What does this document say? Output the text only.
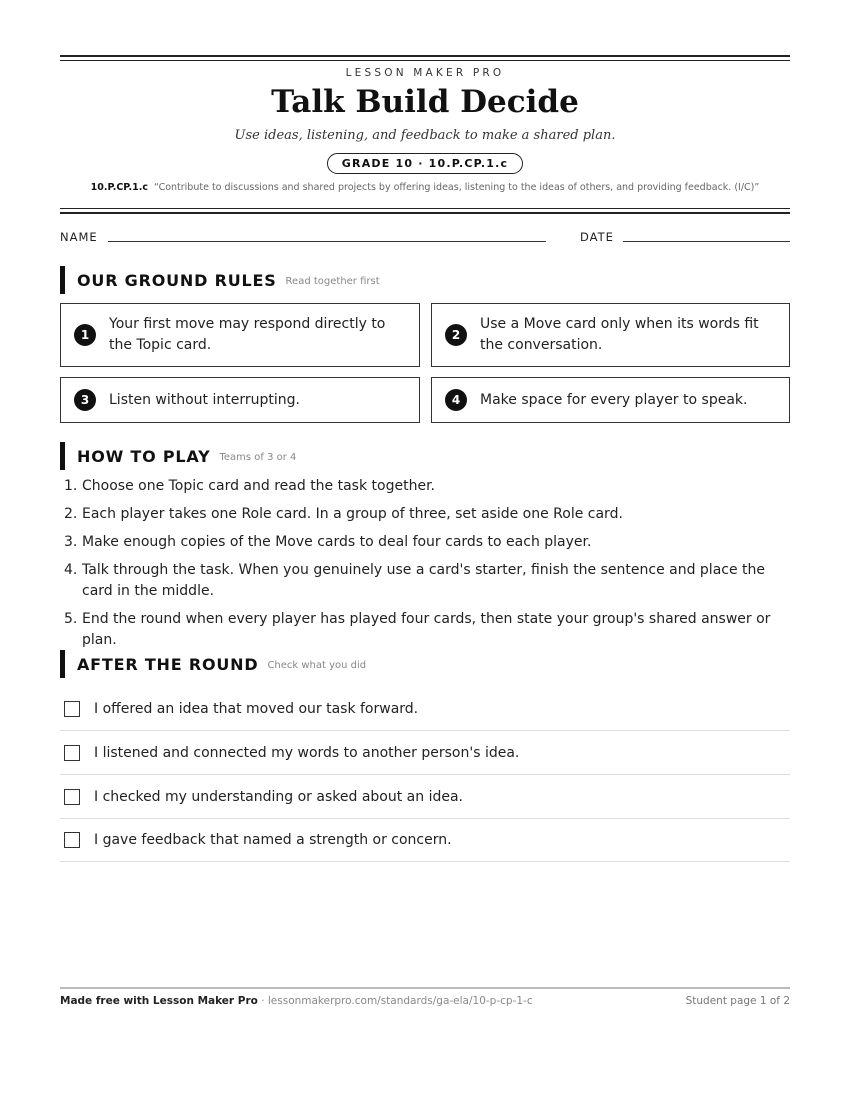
LESSON MAKER PRO
Talk Build Decide
Use ideas, listening, and feedback to make a shared plan.
GRADE 10 · 10.P.CP.1.c
10.P.CP.1.c “Contribute to discussions and shared projects by offering ideas, listening to the ideas of others, and providing feedback. (I/C)”
NAME	DATE
OUR GROUND RULES Read together first
1
Your first move may respond directly to the Topic card.
2
Use a Move card only when its words fit the conversation.
3	Listen without interrupting.	4	Make space for every player to speak.
HOW TO PLAY Teams of 3 or 4
1. Choose one Topic card and read the task together.
2. Each player takes one Role card. In a group of three, set aside one Role card.
3. Make enough copies of the Move cards to deal four cards to each player.
4. Talk through the task. When you genuinely use a card's starter, finish the sentence and place the card in the middle.
5. End the round when every player has played four cards, then state your group's shared answer or plan.
AFTER THE ROUND Check what you did
I offered an idea that moved our task forward.
I listened and connected my words to another person's idea.
I checked my understanding or asked about an idea.
I gave feedback that named a strength or concern.
Made free with Lesson Maker Pro · lessonmakerpro.com/standards/ga-ela/10-p-cp-1-c	Student page 1 of 2
